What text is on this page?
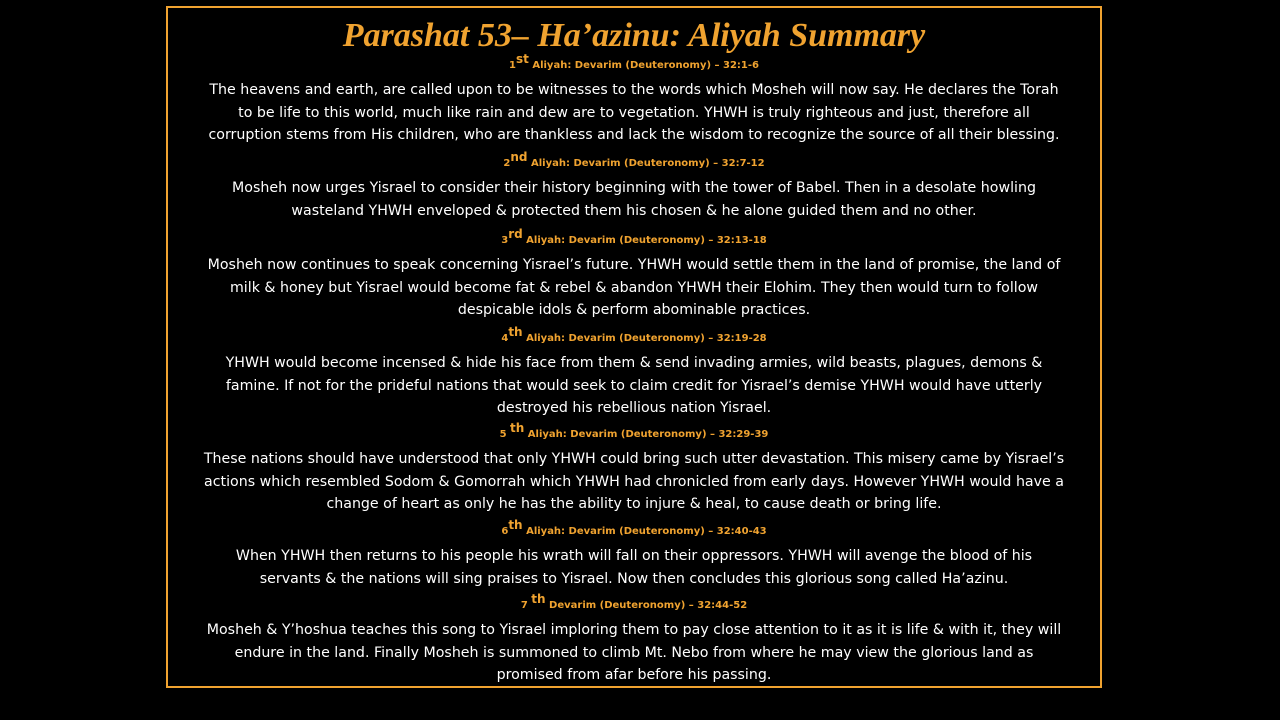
Parashat 53– Ha’azinu: Aliyah Summary
1st Aliyah: Devarim (Deuteronomy) – 32:1-6
The heavens and earth, are called upon to be witnesses to the words which Mosheh will now say. He declares the Torah
to be life to this world, much like rain and dew are to vegetation. YHWH is truly righteous and just, therefore all
corruption stems from His children, who are thankless and lack the wisdom to recognize the source of all their blessing.
2nd Aliyah: Devarim (Deuteronomy) – 32:7-12
Mosheh now urges Yisrael to consider their history beginning with the tower of Babel. Then in a desolate howling
wasteland YHWH enveloped & protected them his chosen & he alone guided them and no other.
3rd Aliyah: Devarim (Deuteronomy) – 32:13-18
Mosheh now continues to speak concerning Yisrael’s future. YHWH would settle them in the land of promise, the land of
milk & honey but Yisrael would become fat & rebel & abandon YHWH their Elohim. They then would turn to follow
despicable idols & perform abominable practices.
4th Aliyah: Devarim (Deuteronomy) – 32:19-28
YHWH would become incensed & hide his face from them & send invading armies, wild beasts, plagues, demons &
famine. If not for the prideful nations that would seek to claim credit for Yisrael’s demise YHWH would have utterly
destroyed his rebellious nation Yisrael.
5 $^{th}$ Aliyah: Devarim (Deuteronomy) – 32:29-39
These nations should have understood that only YHWH could bring such utter devastation. This misery came by Yisrael’s
actions which resembled Sodom & Gomorrah which YHWH had chronicled from early days. However YHWH would have a
change of heart as only he has the ability to injure & heal, to cause death or bring life.
6th Aliyah: Devarim (Deuteronomy) – 32:40-43
When YHWH then returns to his people his wrath will fall on their oppressors. YHWH will avenge the blood of his
servants & the nations will sing praises to Yisrael. Now then concludes this glorious song called Ha’azinu.
7 $^{th}$ Devarim (Deuteronomy) – 32:44-52
Mosheh & Y’hoshua teaches this song to Yisrael imploring them to pay close attention to it as it is life & with it, they will
endure in the land. Finally Mosheh is summoned to climb Mt. Nebo from where he may view the glorious land as
promised from afar before his passing.
